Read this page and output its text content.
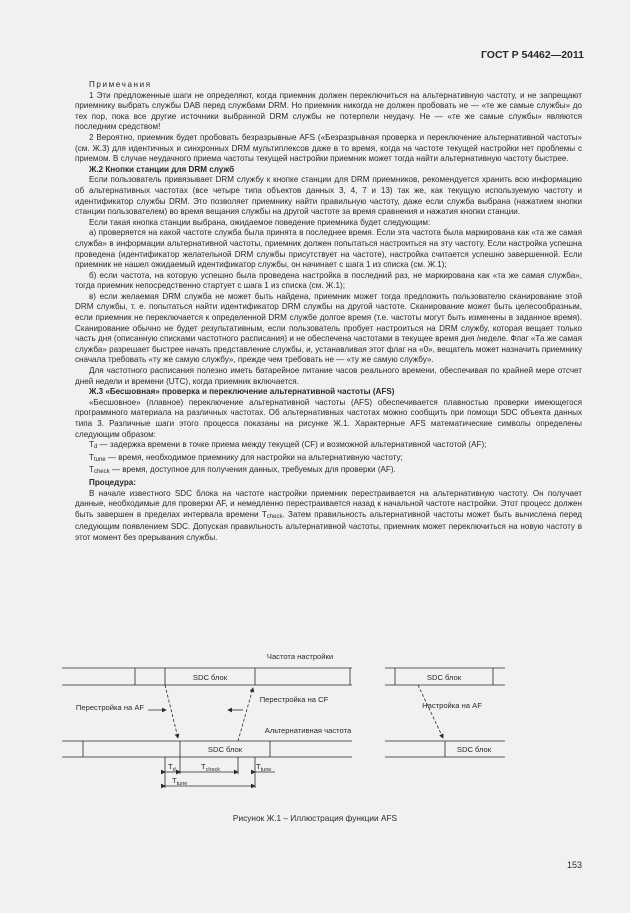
ГОСТ Р 54462—2011

Примечания

1 Эти предложенные шаги не определяют, когда приемник должен переключиться на альтернативную частоту, и не запрещают приемнику выбрать службы DAB перед службами DRM. Но приемник никогда не должен пробовать не — «те же самые службы» до тех пор, пока все другие источники выбранной DRM службы не потерпели неудачу. Не — «те же самые службы» являются последним средством!

2 Вероятно, приемник будет пробовать безразрывные AFS («Безразрывная проверка и переключение альтернативной частоты» (см. Ж.3) для идентичных и синхронных DRM мультиплексов даже в то время, когда на частоте текущей настройки нет проблемы с приемом. В случае неудачного приема частоты текущей настройки приемник может тогда найти альтернативную частоту быстрее.

Ж.2 Кнопки станции для DRM служб

Если пользователь привязывает DRM службу к кнопке станции для DRM приемников, рекомендуется хранить всю информацию об альтернативных частотах (все четыре типа объектов данных 3, 4, 7 и 13) так же, как текущую используемую частоту и идентификатор службы DRM. Это позволяет приемнику найти правильную частоту, даже если служба выбрана (нажатием кнопки станции пользователем) во время вещания службы на другой частоте за время сравнения и нажатия кнопки станции.

Если такая кнопка станции выбрана, ожидаемое поведение приемника будет следующим:

а) проверяется на какой частоте служба была принята в последнее время. Если эта частота была маркирована как «та же самая служба» в информации альтернативной частоты, приемник должен попытаться настроиться на эту частоту. Если настройка успешна проведена (идентификатор желательной DRM службы присутствует на частоте), настройка считается успешно завершенной. Если приемник не нашел ожидаемый идентификатор службы, он начинает с шага 1 из списка (см. Ж.1);

б) если частота, на которую успешно была проведена настройка в последний раз, не маркирована как «та же самая служба», тогда приемник непосредственно стартует с шага 1 из списка (см. Ж.1);

в) если желаемая DRM служба не может быть найдена, приемник может тогда предложить пользователю сканирование этой DRM службы, т. е. попытаться найти идентификатор DRM службы на другой частоте. Сканирование может быть целесообразным, если приемник не переключается к определенной DRM службе долгое время (т.е. частоты могут быть изменены в заданное время). Сканирование обычно не будет результативным, если пользователь пробует настроиться на DRM службу, которая вещает только часть дня (описанную списками частотного расписания) и не обеспечена частотами в текущее время дня /неделе. Флаг «Та же самая служба» разрешает быстрее начать представление службы, и, устанавливая этот флаг на «0», вещатель может назначить приемнику сначала требовать «ту же самую службу», прежде чем требовать не — «ту же самую службу».

Для частотного расписания полезно иметь батарейное питание часов реального времени, обеспечивая по крайней мере отсчет дней недели и времени (UTC), когда приемник включается.

Ж.3 «Бесшовная» проверка и переключение альтернативной частоты (AFS)

«Бесшовное» (плавное) переключение альтернативной частоты (AFS) обеспечивается плавностью проверки имеющегося программного материала на различных частотах. Об альтернативных частотах можно сообщить при помощи SDC объекта данных типа 3. Различные шаги этого процесса показаны на рисунке Ж.1. Характерные AFS математические символы определены следующим образом:

$T_d$ — задержка времени в точке приема между текущей (CF) и возможной альтернативной частотой (AF);

$T_{tune}$ — время, необходимое приемнику для настройки на альтернативную частоту;

$T_{check}$ — время, доступное для получения данных, требуемых для проверки (AF).

Процедура:

В начале известного SDC блока на частоте настройки приемник перестраивается на альтернативную частоту. Он получает данные, необходимые для проверки AF, и немедленно перестраивается назад к начальной частоте настройки. Этот процесс должен быть завершен в пределах интервала времени $T_{check}$. Затем правильность альтернативной частоты может быть вычислена перед следующим появлением SDC. Допуская правильность альтернативной частоты, приемник может переключиться на новую частоту в этот момент без прерывания службы.

Частота настройки
SDC блок	SDC блок
SDC блок	SDC блок
Перестройка на AF
Перестройка на CF
Настройка на AF
Альтернативная частота
$T_d$	$T_{check}$	$T_{tune}$
$T_{tune}$
Рисунок Ж.1 – Иллюстрация функции AFS
153
